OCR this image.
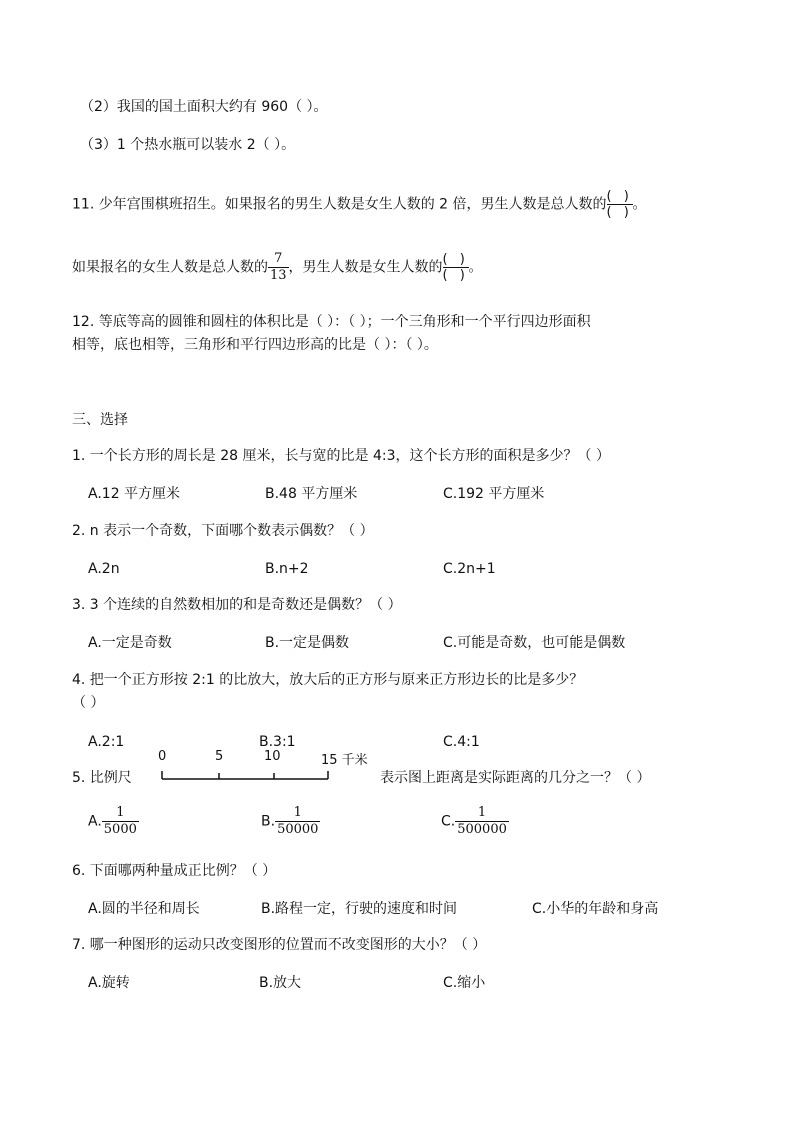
（2）我国的国土面积大约有 960（ ）。
（3）1 个热水瓶可以装水 2（ ）。
11. 少年宫围棋班招生。如果报名的男生人数是女生人数的 2 倍，男生人数是总人数的 $\frac{( )}{( )}$ 。
如果报名的女生人数是总人数的 $\frac{7}{13}$ ，男生人数是女生人数的 $\frac{( )}{( )}$ 。
12. 等底等高的圆锥和圆柱的体积比是（ ）：（ ）；一个三角形和一个平行四边形面积
相等，底也相等，三角形和平行四边形高的比是（ ）：（ ）。
三、选择
1. 一个长方形的周长是 28 厘米，长与宽的比是 4:3，这个长方形的面积是多少？（ ）
A.12 平方厘米	B.48 平方厘米	C.192 平方厘米
2. n 表示一个奇数，下面哪个数表示偶数？（ ）
A.2n	B.n+2	C.2n+1
3. 3 个连续的自然数相加的和是奇数还是偶数？（ ）
A.一定是奇数	B.一定是偶数	C.可能是奇数，也可能是偶数
4. 把一个正方形按 2:1 的比放大，放大后的正方形与原来正方形边长的比是多少？
（ ）
A.2:1	B.3:1	C.4:1
5. 比例尺
0	5	10	15 千米
表示图上距离是实际距离的几分之一？（ ）
A. $\frac{1}{5000}$	B. $\frac{1}{50000}$	C. $\frac{1}{500000}$
6. 下面哪两种量成正比例？（ ）
A.圆的半径和周长	B.路程一定，行驶的速度和时间	C.小华的年龄和身高
7. 哪一种图形的运动只改变图形的位置而不改变图形的大小？（ ）
A.旋转	B.放大	C.缩小
